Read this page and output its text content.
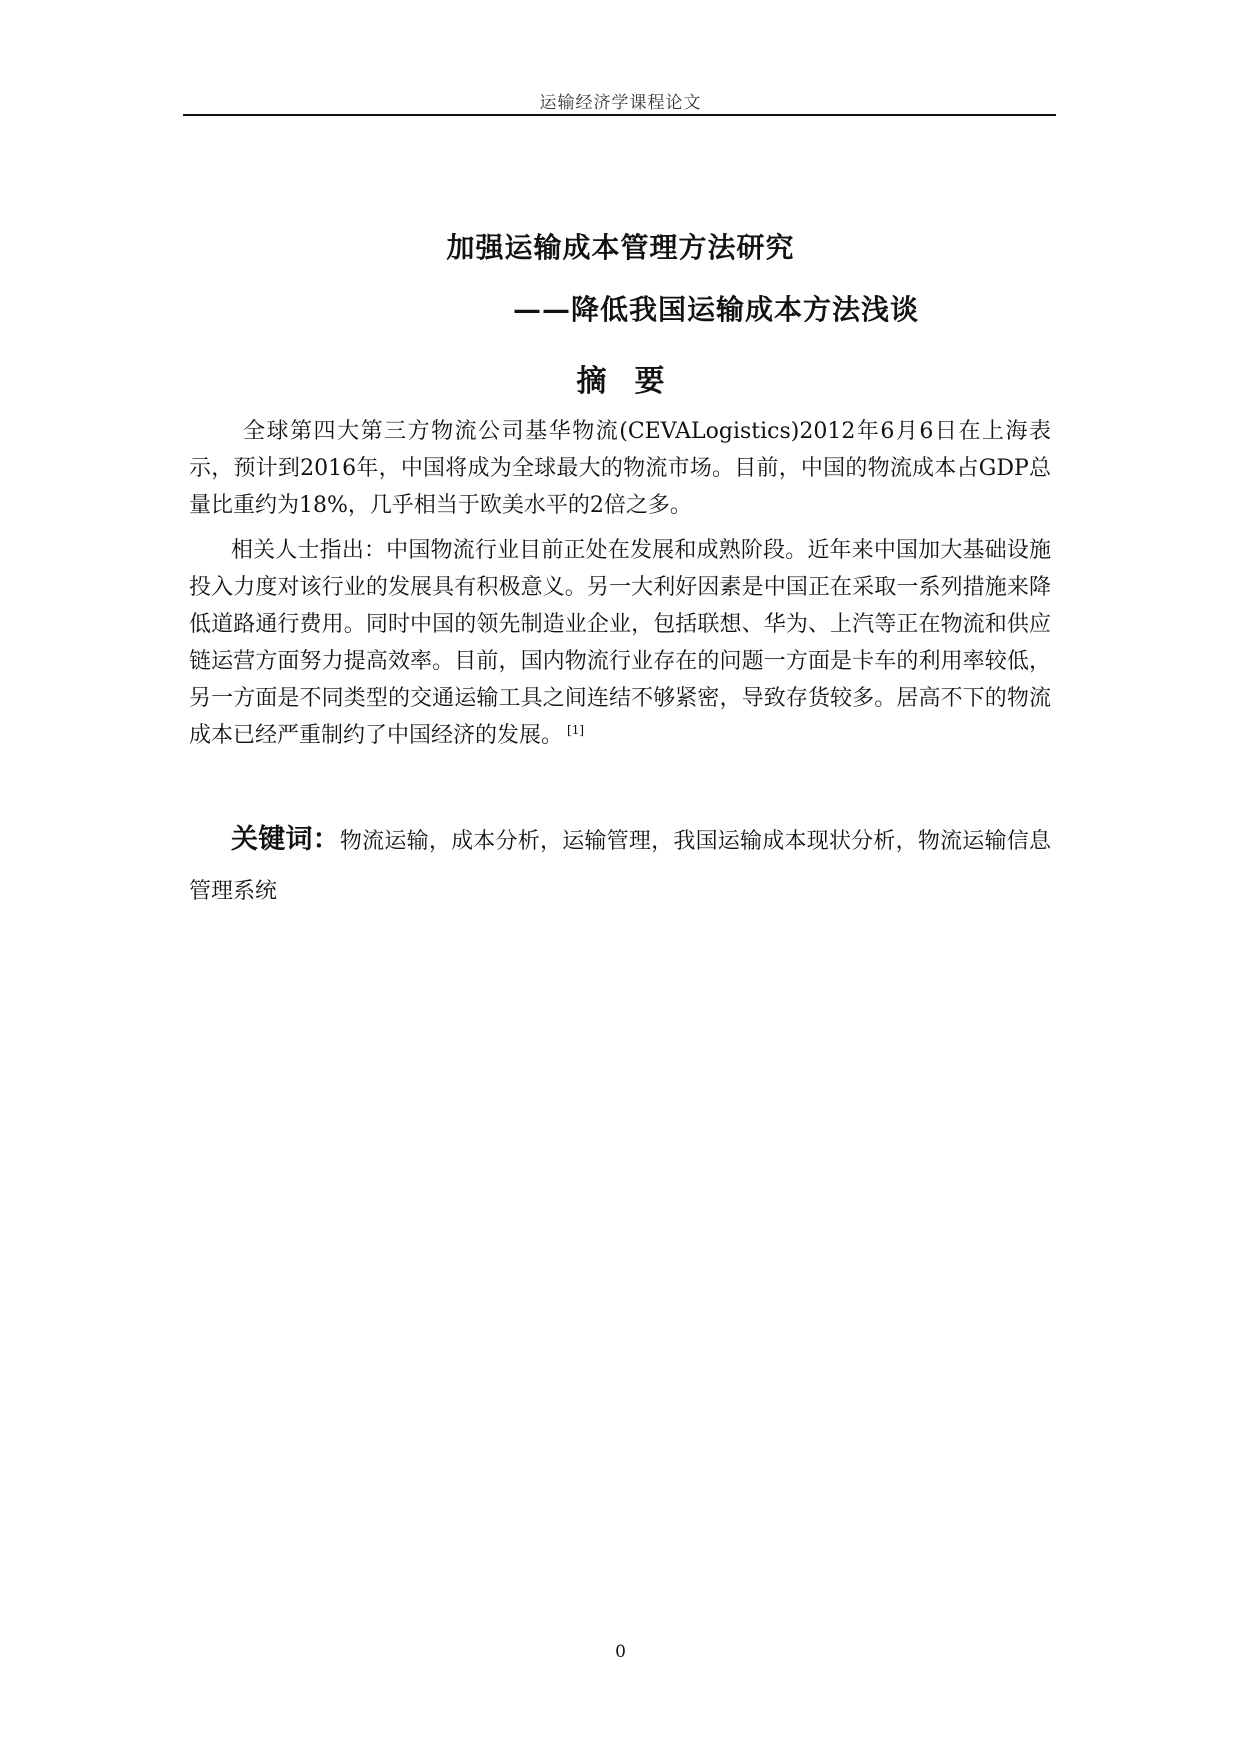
运输经济学课程论文
加强运输成本管理方法研究
——降低我国运输成本方法浅谈
摘要

全球第四大第三方物流公司基华物流(CEVALogistics)2012年6月6日在上海表示，预计到2016年，中国将成为全球最大的物流市场。目前，中国的物流成本占GDP总量比重约为18%，几乎相当于欧美水平的2倍之多。

相关人士指出：中国物流行业目前正处在发展和成熟阶段。近年来中国加大基础设施投入力度对该行业的发展具有积极意义。另一大利好因素是中国正在采取一系列措施来降低道路通行费用。同时中国的领先制造业企业，包括联想、华为、上汽等正在物流和供应链运营方面努力提高效率。目前，国内物流行业存在的问题一方面是卡车的利用率较低，另一方面是不同类型的交通运输工具之间连结不够紧密，导致存货较多。居高不下的物流成本已经严重制约了中国经济的发展。 [1]

关键词：物流运输，成本分析，运输管理，我国运输成本现状分析，物流运输信息管理系统

0
